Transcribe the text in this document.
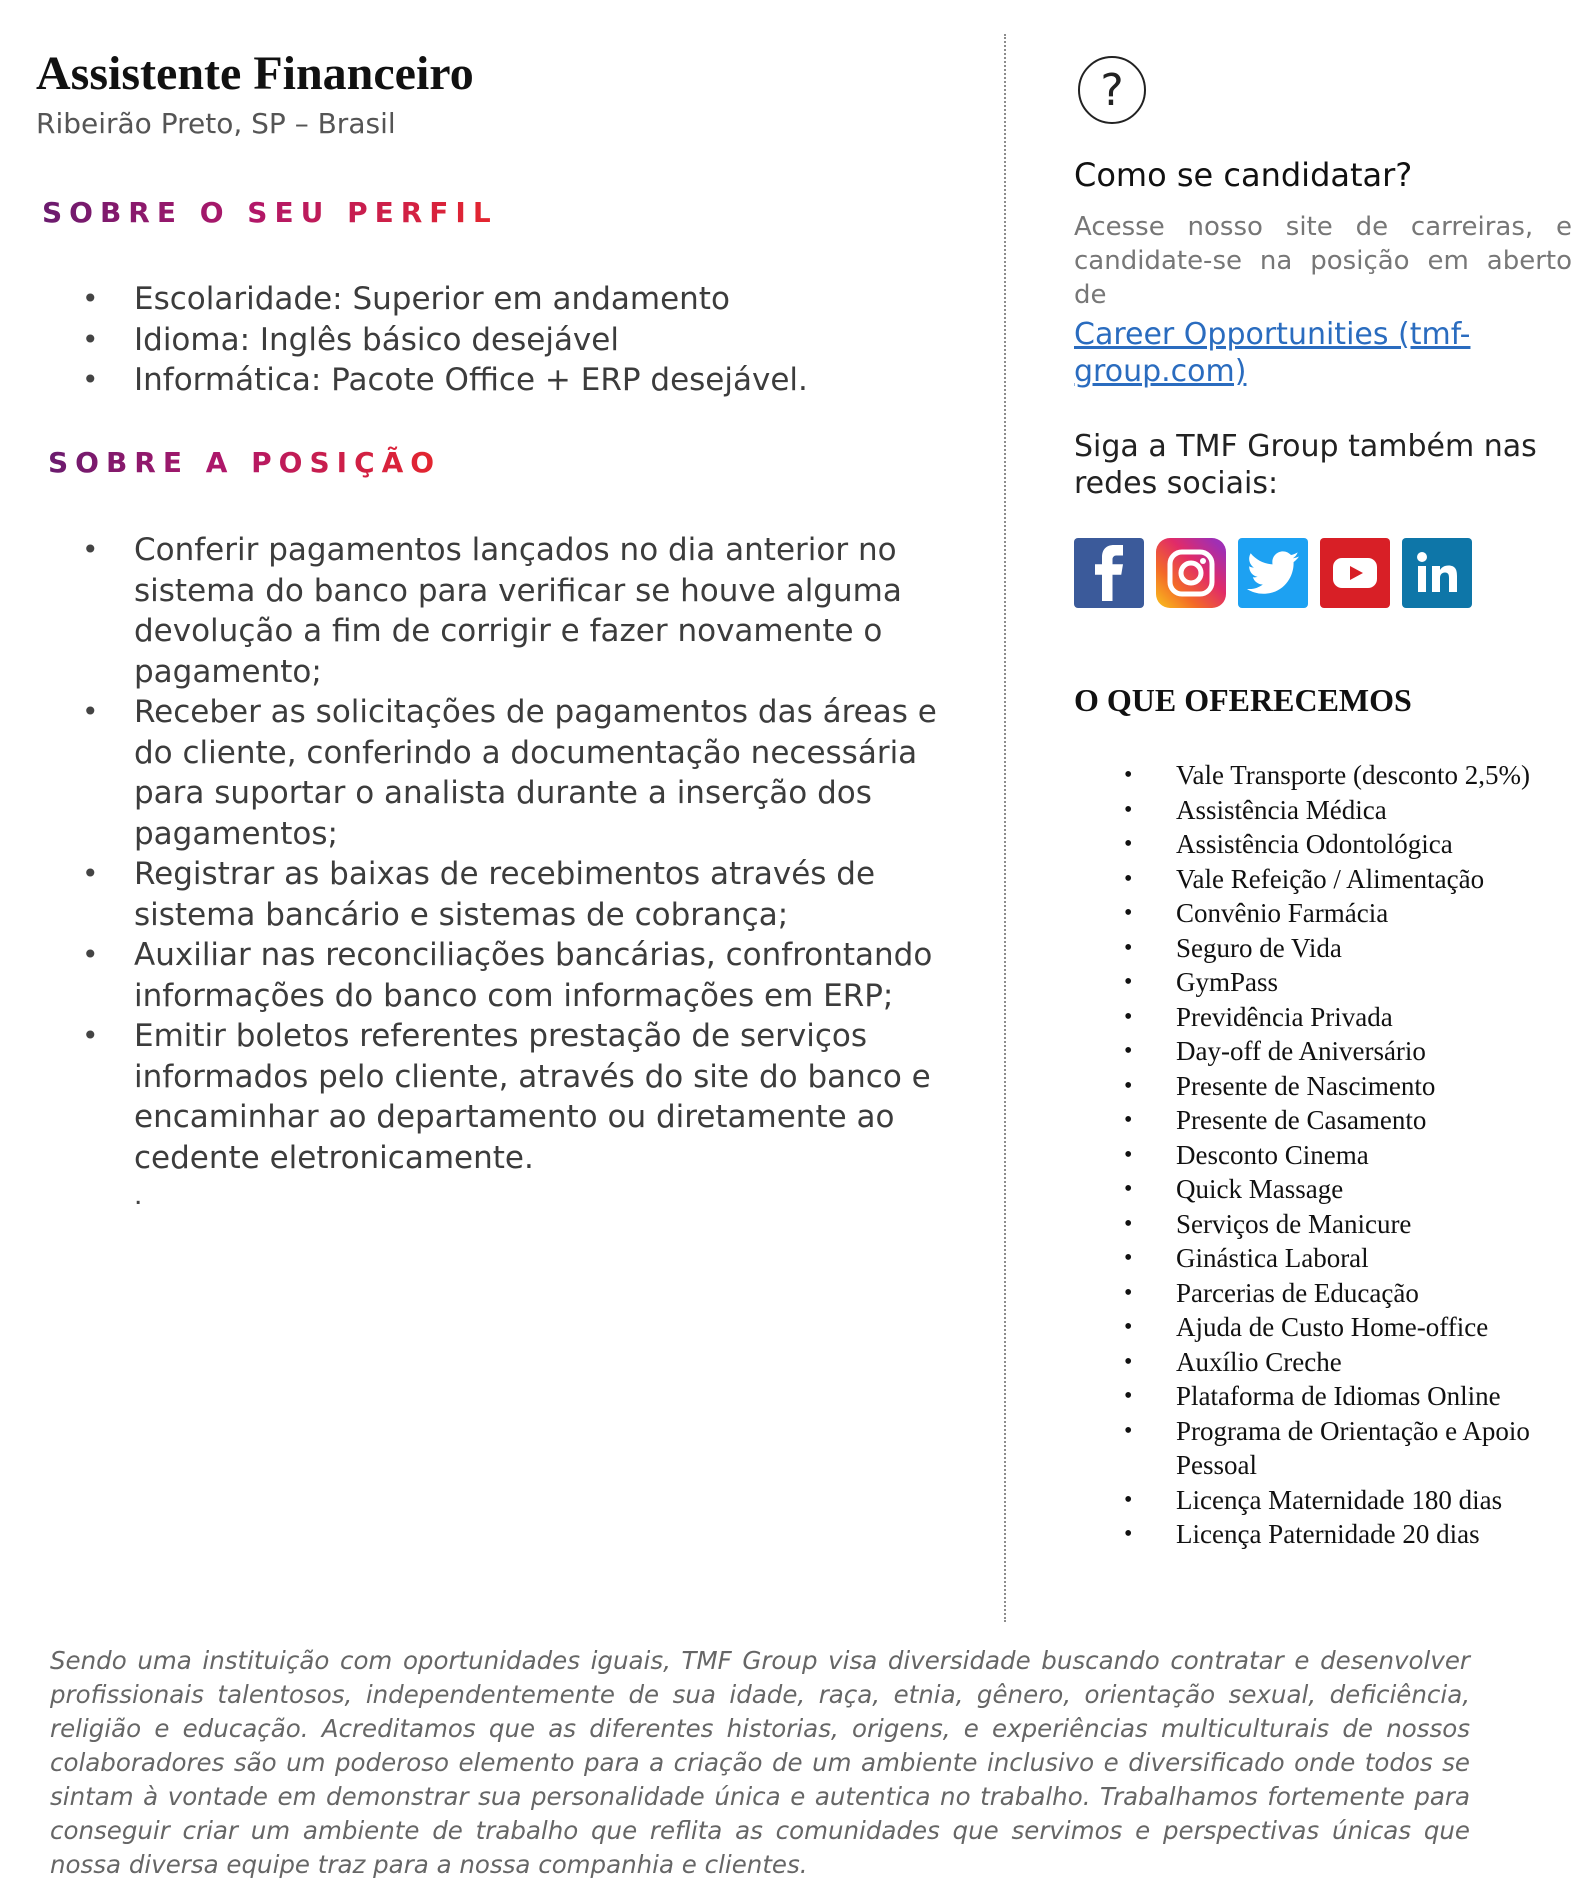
Assistente Financeiro
Ribeirão Preto, SP – Brasil
SOBRE O SEU PERFIL
• Escolaridade: Superior em andamento
• Idioma: Inglês básico desejável
• Informática: Pacote Office + ERP desejável.
SOBRE A POSIÇÃO
• Conferir pagamentos lançados no dia anterior no sistema do banco para verificar se houve alguma devolução a fim de corrigir e fazer novamente o pagamento;
• Receber as solicitações de pagamentos das áreas e do cliente, conferindo a documentação necessária para suportar o analista durante a inserção dos pagamentos;
• Registrar as baixas de recebimentos através de sistema bancário e sistemas de cobrança;
• Auxiliar nas reconciliações bancárias, confrontando informações do banco com informações em ERP;
• Emitir boletos referentes prestação de serviços informados pelo cliente, através do site do banco e encaminhar ao departamento ou diretamente ao cedente eletronicamente.
.
?
Como se candidatar?
Acesse nosso site de carreiras, e candidate-se na posição em aberto de
Career Opportunities (tmf-group.com)
Siga a TMF Group também nas redes sociais:
O QUE OFERECEMOS
• Vale Transporte (desconto 2,5%)
• Assistência Médica
• Assistência Odontológica
• Vale Refeição / Alimentação
• Convênio Farmácia
• Seguro de Vida
• GymPass
• Previdência Privada
• Day-off de Aniversário
• Presente de Nascimento
• Presente de Casamento
• Desconto Cinema
• Quick Massage
• Serviços de Manicure
• Ginástica Laboral
• Parcerias de Educação
• Ajuda de Custo Home-office
• Auxílio Creche
• Plataforma de Idiomas Online
• Programa de Orientação e Apoio Pessoal
• Licença Maternidade 180 dias
• Licença Paternidade 20 dias
Sendo uma instituição com oportunidades iguais, TMF Group visa diversidade buscando contratar e desenvolver profissionais talentosos, independentemente de sua idade, raça, etnia, gênero, orientação sexual, deficiência, religião e educação. Acreditamos que as diferentes historias, origens, e experiências multiculturais de nossos colaboradores são um poderoso elemento para a criação de um ambiente inclusivo e diversificado onde todos se sintam à vontade em demonstrar sua personalidade única e autentica no trabalho. Trabalhamos fortemente para conseguir criar um ambiente de trabalho que reflita as comunidades que servimos e perspectivas únicas que nossa diversa equipe traz para a nossa companhia e clientes.
